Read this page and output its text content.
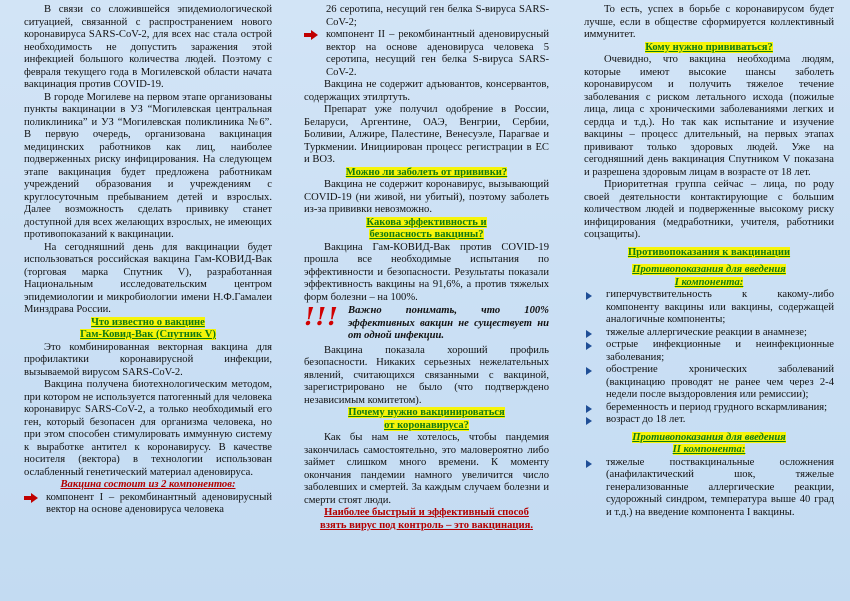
В связи со сложившейся эпидемиологической ситуацией, связанной с распространением нового коронавируса SARS-CoV-2, для всех нас стала острой необходимость не допустить заражения этой инфекцией большого количества людей. Поэтому с февраля текущего года в Могилевской области начата вакцинация против COVID-19.

В городе Могилеве на первом этапе организованы пункты вакцинации в УЗ “Могилевская центральная поликлиника” и УЗ “Могилевская поликлиника №6”. В первую очередь, организована вакцинация медицинских работников как лиц, наиболее подверженных риску инфицирования. На следующем этапе вакцинация будет предложена работникам учреждений образования и учреждениям с круглосуточным пребыванием детей и взрослых. Далее возможность сделать прививку станет доступной для всех желающих взрослых, не имеющих противопоказаний к вакцинации.

На сегодняшний день для вакцинации будет использоваться российская вакцина Гам-КОВИД-Вак (торговая марка Спутник V), разработанная Национальным исследовательским центром эпидемиологии и микробиологии имени Н.Ф.Гамалеи Минздрава России.

Что известно о вакцине
Гам-Ковид-Вак (Спутник V)

Это комбинированная векторная вакцина для профилактики коронавирусной инфекции, вызываемой вирусом SARS-CoV-2.

Вакцина получена биотехнологическим методом, при котором не используется патогенный для человека коронавирус SARS-CoV-2, а только необходимый его ген, который безопасен для организма человека, но при этом способен стимулировать иммунную систему к выработке антител к коронавирусу. В качестве носителя (вектора) в технологии использован ослабленный генетический материал аденовируса.

Вакцина состоит из 2 компонентов:

компонент I – рекомбинантный аденовирусный вектор на основе аденовируса человека
26 серотипа, несущий ген белка S-вируса SARS-CoV-2;
компонент II – рекомбинантный аденовирусный вектор на основе аденовируса человека 5 серотипа, несущий ген белка S-вируса SARS-CoV-2.

Вакцина не содержит адъювантов, консервантов, содержащих этилртуть.

Препарат уже получил одобрение в России, Беларуси, Аргентине, ОАЭ, Венгрии, Сербии, Боливии, Алжире, Палестине, Венесуэле, Парагвае и Туркмении. Инициирован процесс регистрации в ЕС и ВОЗ.

Можно ли заболеть от прививки?

Вакцина не содержит коронавирус, вызывающий COVID-19 (ни живой, ни убитый), поэтому заболеть из-за прививки невозможно.

Какова эффективность и
безопасность вакцины?

Вакцина Гам-КОВИД-Вак против COVID-19 прошла все необходимые испытания по эффективности и безопасности. Результаты показали эффективность вакцины на 91,6%, а против тяжелых форм болезни – на 100%.

!!! Важно понимать, что 100% эффективных вакцин не существует ни от одной инфекции.

Вакцина показала хороший профиль безопасности. Никаких серьезных нежелательных явлений, считающихся связанными с вакциной, зарегистрировано не было (что подтверждено независимым комитетом).

Почему нужно вакцинироваться
от коронавируса?

Как бы нам не хотелось, чтобы пандемия закончилась самостоятельно, это маловероятно либо займет слишком много времени. К моменту окончания пандемии намного увеличится число заболевших и смертей. За каждым случаем болезни и смерти стоят люди.

Наиболее быстрый и эффективный способ
взять вирус под контроль – это вакцинация.

То есть, успех в борьбе с коронавирусом будет лучше, если в обществе сформируется коллективный иммунитет.

Кому нужно прививаться?

Очевидно, что вакцина необходима людям, которые имеют высокие шансы заболеть коронавирусом и получить тяжелое течение заболевания с риском летального исхода (пожилые лица, лица с хроническими заболеваниями легких и сердца и т.д.). Но так как испытание и изучение вакцины – процесс длительный, на первых этапах прививают только здоровых людей. Уже на сегодняшний день вакцинация Спутником V показана и разрешена здоровым лицам в возрасте от 18 лет.

Приоритетная группа сейчас – лица, по роду своей деятельности контактирующие с большим количеством людей и подверженные высокому риску инфицирования (медработники, учителя, работники соцзащиты).

Противопоказания к вакцинации

Противопоказания для введения
I компонента:

гиперчувствительность к какому-либо компоненту вакцины или вакцины, содержащей аналогичные компоненты;
тяжелые аллергические реакции в анамнезе;
острые инфекционные и неинфекционные заболевания;
обострение хронических заболеваний (вакцинацию проводят не ранее чем через 2-4 недели после выздоровления или ремиссии);
беременность и период грудного вскармливания;
возраст до 18 лет.

Противопоказания для введения
II компонента:

тяжелые поствакцинальные осложнения (анафилактический шок, тяжелые генерализованные аллергические реакции, судорожный синдром, температура выше 40 град и т.д.) на введение компонента I вакцины.
